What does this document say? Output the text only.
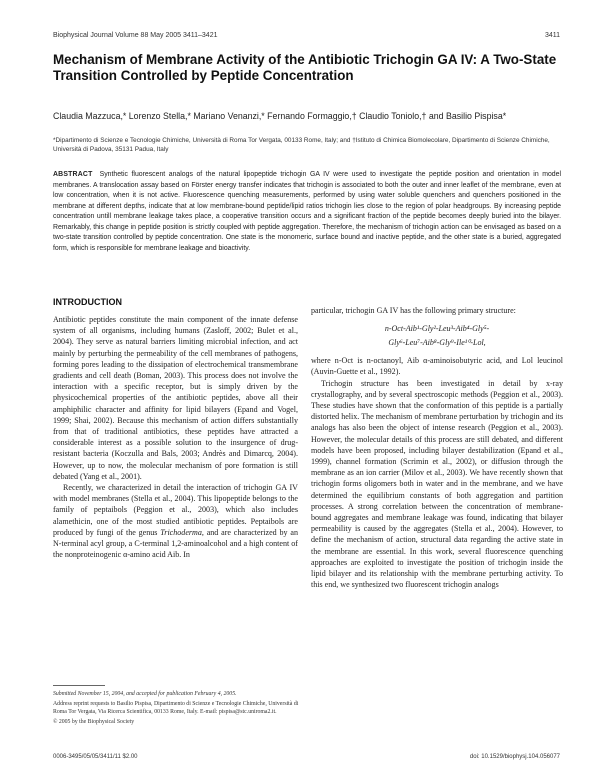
Biophysical Journal Volume 88 May 2005 3411–3421	3411
Mechanism of Membrane Activity of the Antibiotic Trichogin GA IV: A Two-State Transition Controlled by Peptide Concentration
Claudia Mazzuca,* Lorenzo Stella,* Mariano Venanzi,* Fernando Formaggio,† Claudio Toniolo,† and Basilio Pispisa*
*Dipartimento di Scienze e Tecnologie Chimiche, Università di Roma Tor Vergata, 00133 Rome, Italy; and †Istituto di Chimica Biomolecolare, Dipartimento di Scienze Chimiche, Università di Padova, 35131 Padua, Italy

ABSTRACT Synthetic fluorescent analogs of the natural lipopeptide trichogin GA IV were used to investigate the peptide position and orientation in model membranes. A translocation assay based on Förster energy transfer indicates that trichogin is associated to both the outer and inner leaflet of the membrane, even at low concentration, when it is not active. Fluorescence quenching measurements, performed by using water soluble quenchers and quenchers positioned in the membrane at different depths, indicate that at low membrane-bound peptide/lipid ratios trichogin lies close to the region of polar headgroups. By increasing peptide concentration untill membrane leakage takes place, a cooperative transition occurs and a significant fraction of the peptide becomes deeply buried into the bilayer. Remarkably, this change in peptide position is strictly coupled with peptide aggregation. Therefore, the mechanism of trichogin action can be envisaged as based on a two-state transition controlled by peptide concentration. One state is the monomeric, surface bound and inactive peptide, and the other state is a buried, aggregated form, which is responsible for membrane leakage and bioactivity.

INTRODUCTION

Antibiotic peptides constitute the main component of the innate defense system of all organisms, including humans (Zasloff, 2002; Bulet et al., 2004). They serve as natural barriers limiting microbial infection, and act mainly by perturbing the permeability of the cell membranes of pathogens, forming pores leading to the dissipation of electrochemical transmembrane gradients and cell death (Boman, 2003). This process does not involve the interaction with a specific receptor, but is simply driven by the physicochemical properties of the antibiotic peptides, above all their amphiphilic character and affinity for lipid bilayers (Epand and Vogel, 1999; Shai, 2002). Because this mechanism of action differs substantially from that of traditional antibiotics, these peptides have attracted a considerable interest as a possible solution to the insurgence of drug-resistant bacteria (Koczulla and Bals, 2003; Andrès and Dimarcq, 2004). However, up to now, the molecular mechanism of pore formation is still debated (Yang et al., 2001).

Recently, we characterized in detail the interaction of trichogin GA IV with model membranes (Stella et al., 2004). This lipopeptide belongs to the family of peptaibols (Peggion et al., 2003), which also includes alamethicin, one of the most studied antibiotic peptides. Peptaibols are produced by fungi of the genus Trichoderma, and are characterized by an N-terminal acyl group, a C-terminal 1,2-aminoalcohol and a high content of the nonproteinogenic α-amino acid Aib. In

particular, trichogin GA IV has the following primary structure:

n-Oct-Aib¹-Gly²-Leu³-Aib⁴-Gly⁵-
Gly⁶-Leu⁷-Aib⁸-Gly⁹-Ile¹⁰-Lol,

where n-Oct is n-octanoyl, Aib α-aminoisobutyric acid, and Lol leucinol (Auvin-Guette et al., 1992).

Trichogin structure has been investigated in detail by x-ray crystallography, and by several spectroscopic methods (Peggion et al., 2003). These studies have shown that the conformation of this peptide is a partially distorted helix. The mechanism of membrane perturbation by trichogin and its analogs has also been the object of intense research (Peggion et al., 2003). However, the molecular details of this process are still debated, and different models have been proposed, including bilayer destabilization (Epand et al., 1999), channel formation (Scrimin et al., 2002), or diffusion through the membrane as an ion carrier (Milov et al., 2003). We have recently shown that trichogin forms oligomers both in water and in the membrane, and we have determined the equilibrium constants of both aggregation and partition processes. A strong correlation between the concentration of membrane-bound aggregates and membrane leakage was found, indicating that bilayer permeability is caused by the aggregates (Stella et al., 2004). However, to define the mechanism of action, structural data regarding the active state in the membrane are essential. In this work, several fluorescence quenching approaches are exploited to investigate the position of trichogin inside the lipid bilayer and its relationship with the membrane perturbing activity. To this end, we synthesized two fluorescent trichogin analogs

Submitted November 15, 2004, and accepted for publication February 4, 2005.

Address reprint requests to Basilio Pispisa, Dipartimento di Scienze e Tecnologie Chimiche, Università di Roma Tor Vergata, Via Ricerca Scientifica, 00133 Rome, Italy. E-mail: pispisa@stc.uniroma2.it.

© 2005 by the Biophysical Society

0006-3495/05/05/3411/11 $2.00	doi: 10.1529/biophysj.104.056077
